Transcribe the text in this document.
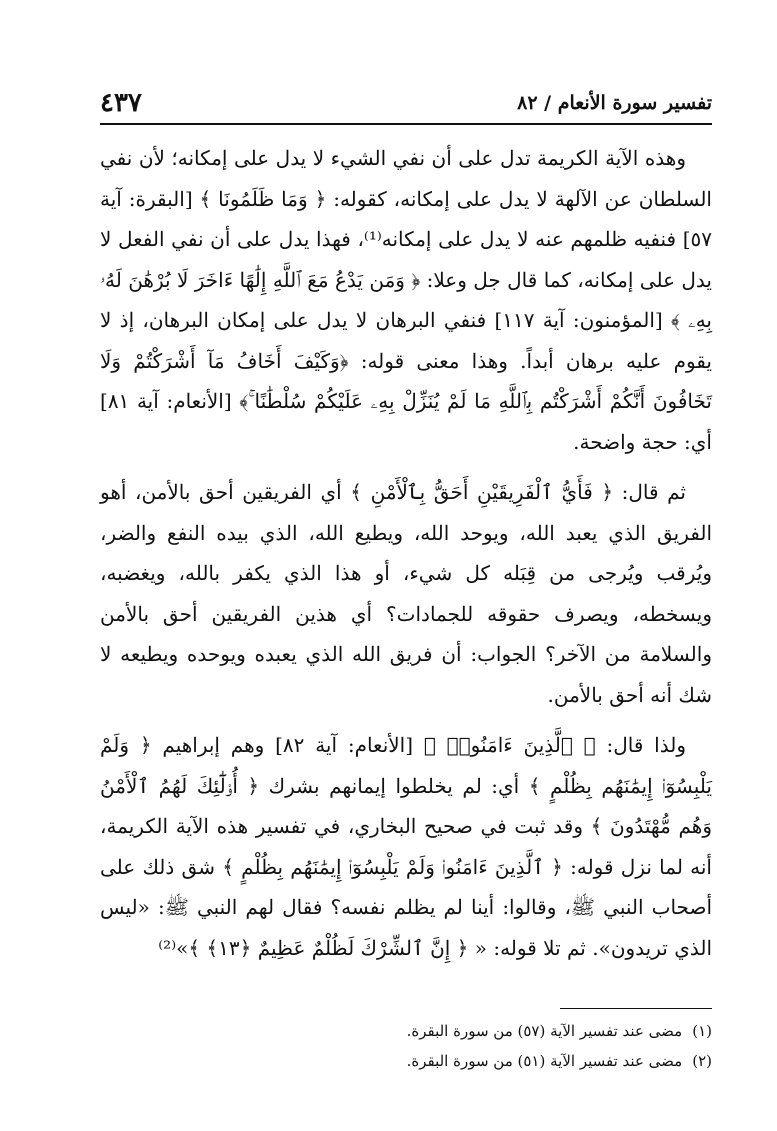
٤٣٧	تفسير سورة الأنعام / ٨٢

وهذه الآية الكريمة تدل على أن نفي الشيء لا يدل على إمكانه؛ لأن نفي السلطان عن الآلهة لا يدل على إمكانه، كقوله: ﴿ وَمَا ظَلَمُونَا ﴾ [البقرة: آية ٥٧] فنفيه ظلمهم عنه لا يدل على إمكانه⁽¹⁾، فهذا يدل على أن نفي الفعل لا يدل على إمكانه، كما قال جل وعلا: ﴿ وَمَن يَدْعُ مَعَ ٱللَّهِ إِلَٰهًا ءَاخَرَ لَا بُرْهَٰنَ لَهُۥ بِهِۦ ﴾ [المؤمنون: آية ١١٧] فنفي البرهان لا يدل على إمكان البرهان، إذ لا يقوم عليه برهان أبداً. وهذا معنى قوله: ﴿وَكَيْفَ أَخَافُ مَآ أَشْرَكْتُمْ وَلَا تَخَافُونَ أَنَّكُمْ أَشْرَكْتُم بِٱللَّهِ مَا لَمْ يُنَزِّلْ بِهِۦ عَلَيْكُمْ سُلْطَٰنًا ۚ﴾ [الأنعام: آية ٨١] أي: حجة واضحة.

ثم قال: ﴿ فَأَيُّ ٱلْفَرِيقَيْنِ أَحَقُّ بِٱلْأَمْنِ ﴾ أي الفريقين أحق بالأمن، أهو الفريق الذي يعبد الله، ويوحد الله، ويطيع الله، الذي بيده النفع والضر، ويُرقب ويُرجى من قِبَله كل شيء، أو هذا الذي يكفر بالله، ويغضبه، ويسخطه، ويصرف حقوقه للجمادات؟ أي هذين الفريقين أحق بالأمن والسلامة من الآخر؟ الجواب: أن فريق الله الذي يعبده ويوحده ويطيعه لا شك أنه أحق بالأمن.

ولذا قال: ﴿ ٱلَّذِينَ ءَامَنُوا۟ ﴾ [الأنعام: آية ٨٢] وهم إبراهيم ﴿ وَلَمْ يَلْبِسُوٓا۟ إِيمَٰنَهُم بِظُلْمٍ ﴾ أي: لم يخلطوا إيمانهم بشرك ﴿ أُو۟لَٰٓئِكَ لَهُمُ ٱلْأَمْنُ وَهُم مُّهْتَدُونَ ﴾ وقد ثبت في صحيح البخاري، في تفسير هذه الآية الكريمة، أنه لما نزل قوله: ﴿ ٱلَّذِينَ ءَامَنُوا۟ وَلَمْ يَلْبِسُوٓا۟ إِيمَٰنَهُم بِظُلْمٍ ﴾ شق ذلك على أصحاب النبي ﷺ، وقالوا: أينا لم يظلم نفسه؟ فقال لهم النبي ﷺ: «ليس الذي تريدون». ثم تلا قوله: « ﴿ إِنَّ ٱلشِّرْكَ لَظُلْمٌ عَظِيمٌ ﴿١٣﴾ ﴾»⁽²⁾

(١)مضى عند تفسير الآية (٥٧) من سورة البقرة.
(٢)مضى عند تفسير الآية (٥١) من سورة البقرة.
